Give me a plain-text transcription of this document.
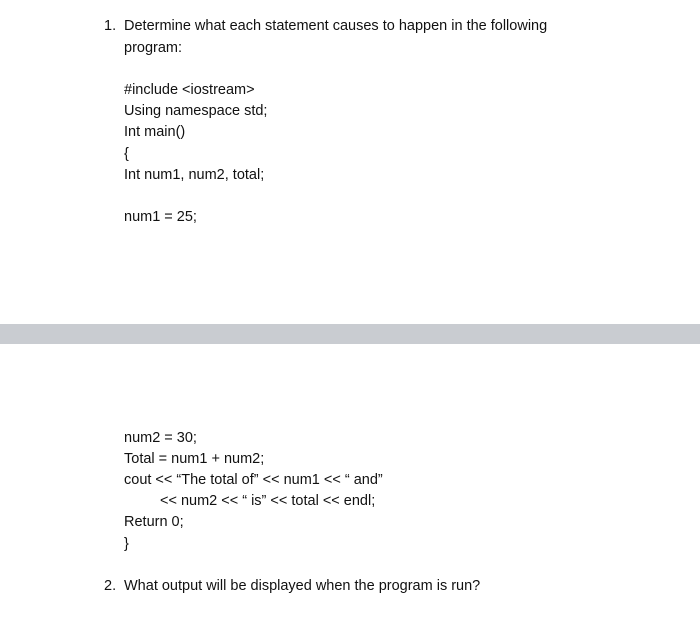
1. Determine what each statement causes to happen in the following
program:
#include <iostream>
Using namespace std;
Int main()
{
Int num1, num2, total;
num1 = 25;
num2 = 30;
Total = num1 + num2;
cout << “The total of” << num1 << “ and”
<< num2 << “ is” << total << endl;
Return 0;
}
2. What output will be displayed when the program is run?
